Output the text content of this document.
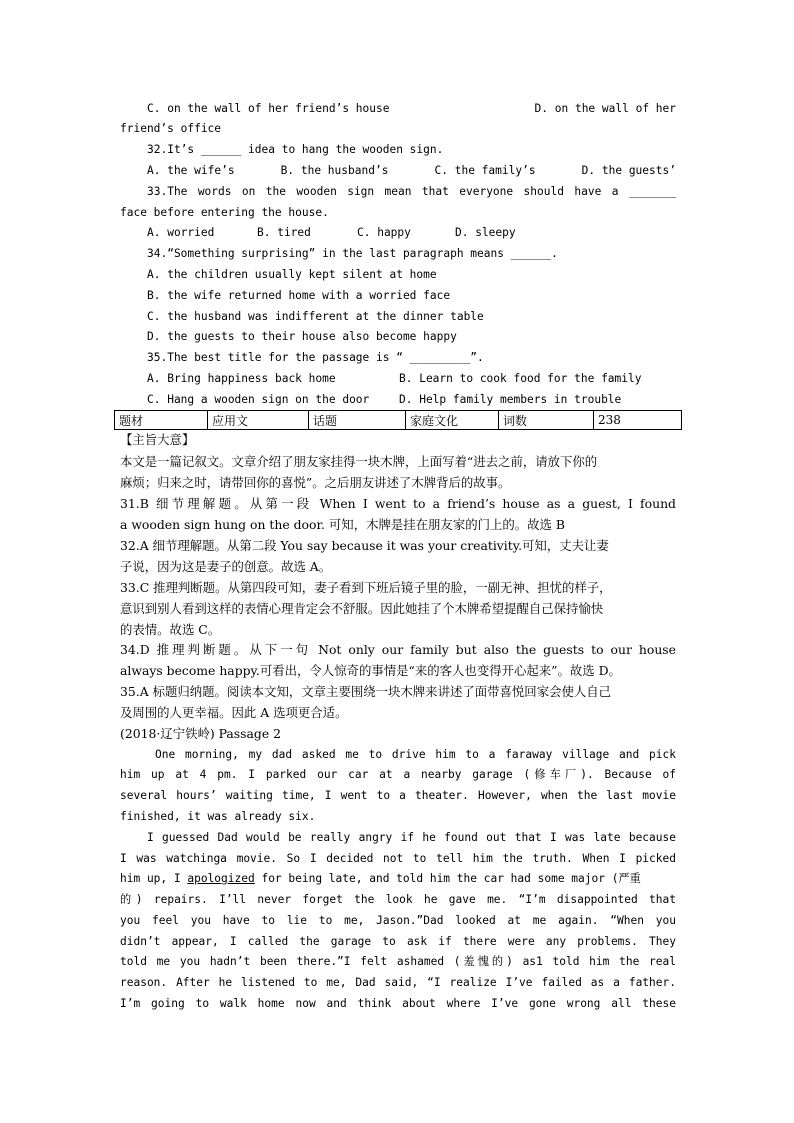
C. on the wall of her friend’s house	D. on the wall of her
friend’s office
32.It’s ______ idea to hang the wooden sign.
A. the wife’s	B. the husband’s	C. the family’s	D. the guests’
33.The words on the wooden sign mean that everyone should have a _______
face before entering the house.
A. worried	B. tired	C. happy	D. sleepy
34.“Something surprising” in the last paragraph means ______.
A. the children usually kept silent at home
B. the wife returned home with a worried face
C. the husband was indifferent at the dinner table
D. the guests to their house also become happy
35.The best title for the passage is “ _________”.
A. Bring happiness back home	B. Learn to cook food for the family
C. Hang a wooden sign on the door	D. Help family members in trouble
题材	应用文	话题	家庭文化	词数	238
【主旨大意】
本文是一篇记叙文。文章介绍了朋友家挂得一块木牌，上面写着“进去之前，请放下你的
麻烦；归来之时，请带回你的喜悦”。之后朋友讲述了木牌背后的故事。
31.B 细节理解题。从第一段 When I went to a friend’s house as a guest, I found
a wooden sign hung on the door. 可知，木牌是挂在朋友家的门上的。故选 B
32.A 细节理解题。从第二段 You say because it was your creativity.可知，丈夫让妻
子说，因为这是妻子的创意。故选 A。
33.C 推理判断题。从第四段可知，妻子看到下班后镜子里的脸，一副无神、担忧的样子，
意识到别人看到这样的表情心理肯定会不舒服。因此她挂了个木牌希望提醒自己保持愉快
的表情。故选 C。
34.D 推理判断题。从下一句 Not only our family but also the guests to our house
always become happy.可看出，令人惊奇的事情是“来的客人也变得开心起来”。故选 D。
35.A 标题归纳题。阅读本文知，文章主要围绕一块木牌来讲述了面带喜悦回家会使人自己
及周围的人更幸福。因此 A 选项更合适。
(2018·辽宁铁岭) Passage 2
One morning, my dad asked me to drive him to a faraway village and pick
him up at 4 pm. I parked our car at a nearby garage (修车厂). Because of
several hours’ waiting time, I went to a theater. However, when the last movie
finished, it was already six.
I guessed Dad would be really angry if he found out that I was late because
I was watchinga movie. So I decided not to tell him the truth. When I picked
him up, I apologized for being late, and told him the car had some major (严重
的) repairs. I’ll never forget the look he gave me. “I’m disappointed that
you feel you have to lie to me, Jason.”Dad looked at me again. “When you
didn’t appear, I called the garage to ask if there were any problems. They
told me you hadn’t been there.”I felt ashamed (羞愧的) as1 told him the real
reason. After he listened to me, Dad said, “I realize I’ve failed as a father.
I’m going to walk home now and think about where I’ve gone wrong all these
